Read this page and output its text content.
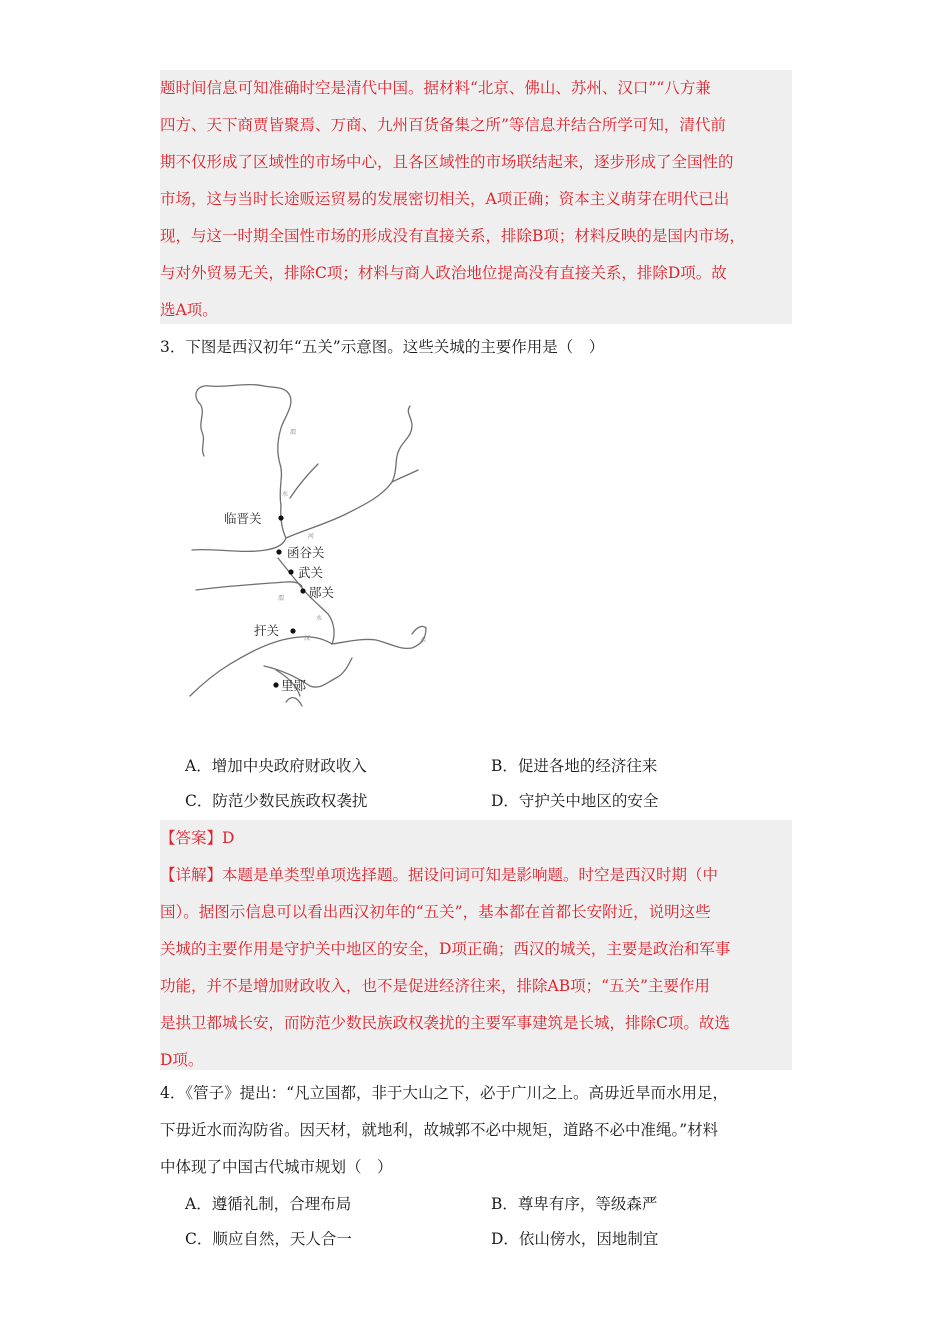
题时间信息可知准确时空是清代中国。据材料“北京、佛山、苏州、汉口”“八方兼

四方、天下商贾皆聚焉、万商、九州百货备集之所”等信息并结合所学可知，清代前

期不仅形成了区域性的市场中心，且各区域性的市场联结起来，逐步形成了全国性的

市场，这与当时长途贩运贸易的发展密切相关，A项正确；资本主义萌芽在明代已出

现，与这一时期全国性市场的形成没有直接关系，排除B项；材料反映的是国内市场，

与对外贸易无关，排除C项；材料与商人政治地位提高没有直接关系，排除D项。故

选A项。

3．下图是西汉初年“五关”示意图。这些关城的主要作用是（　）
渭
水
河
渭
水
汉	水
临晋关
函谷关
武关
郧关
扞关
里郧
A．增加中央政府财政收入	B．促进各地的经济往来
C．防范少数民族政权袭扰	D．守护关中地区的安全

【答案】D

【详解】本题是单类型单项选择题。据设问词可知是影响题。时空是西汉时期（中

国）。据图示信息可以看出西汉初年的“五关”，基本都在首都长安附近，说明这些

关城的主要作用是守护关中地区的安全，D项正确；西汉的城关，主要是政治和军事

功能，并不是增加财政收入，也不是促进经济往来，排除AB项；“五关”主要作用

是拱卫都城长安，而防范少数民族政权袭扰的主要军事建筑是长城，排除C项。故选

D项。

4．《管子》提出：“凡立国都，非于大山之下，必于广川之上。高毋近旱而水用足，

下毋近水而沟防省。因天材，就地利，故城郭不必中规矩，道路不必中准绳。”材料

中体现了中国古代城市规划（　）

A．遵循礼制，合理布局	B．尊卑有序，等级森严
C．顺应自然，天人合一	D．依山傍水，因地制宜
